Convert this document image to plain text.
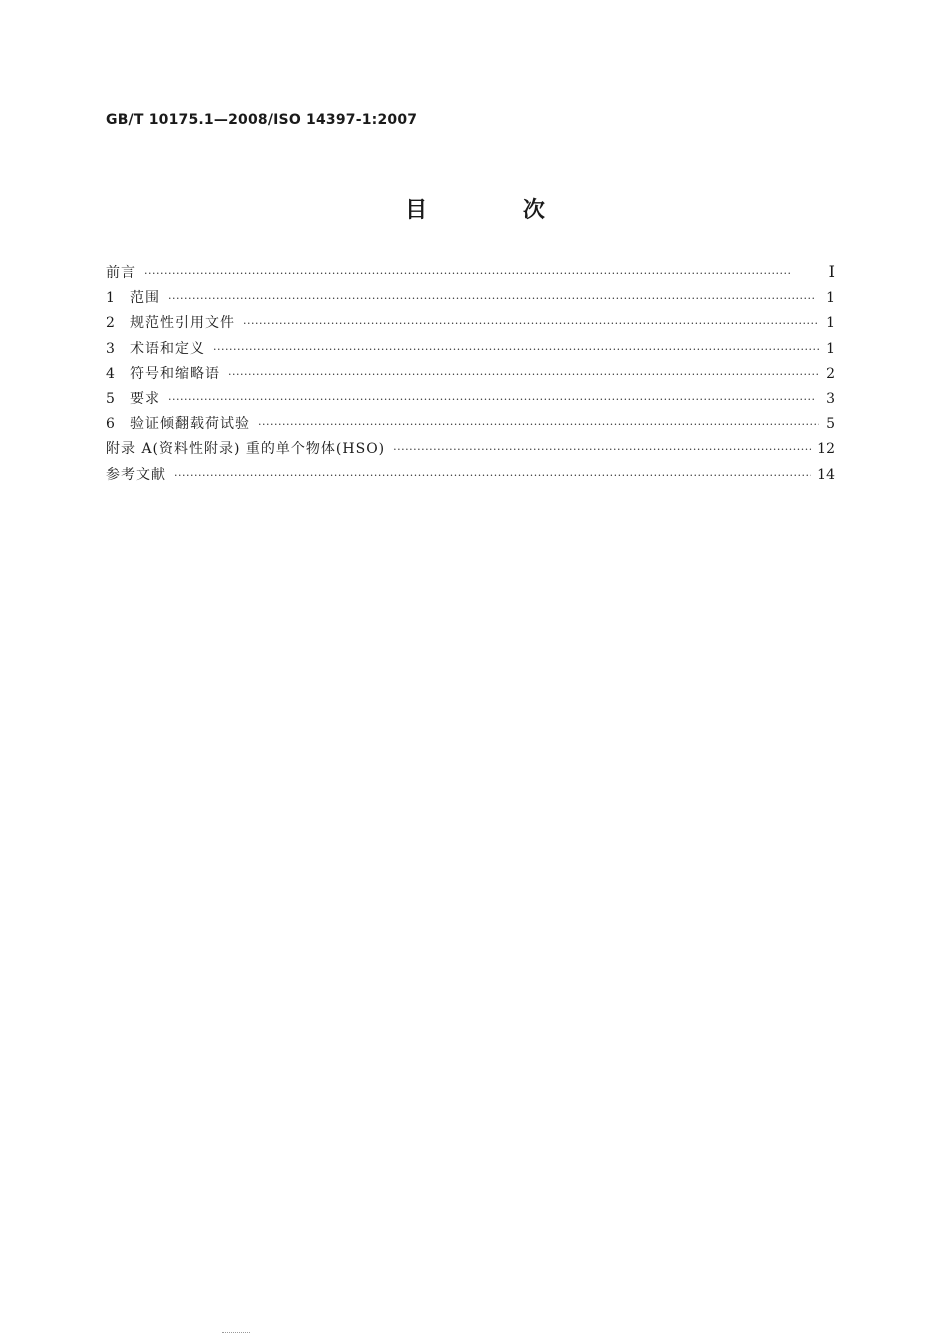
GB/T 10175.1—2008/ISO 14397-1:2007
目 次
前言 ·····	Ⅰ
1	范围 ·····	1
2	规范性引用文件 ·····	1
3	术语和定义 ·····	1
4	符号和缩略语 ·····	2
5	要求 ·····	3
6	验证倾翻载荷试验 ·····	5
附录 A(资料性附录) 重的单个物体(HSO) ·····	12
参考文献 ·····	14
